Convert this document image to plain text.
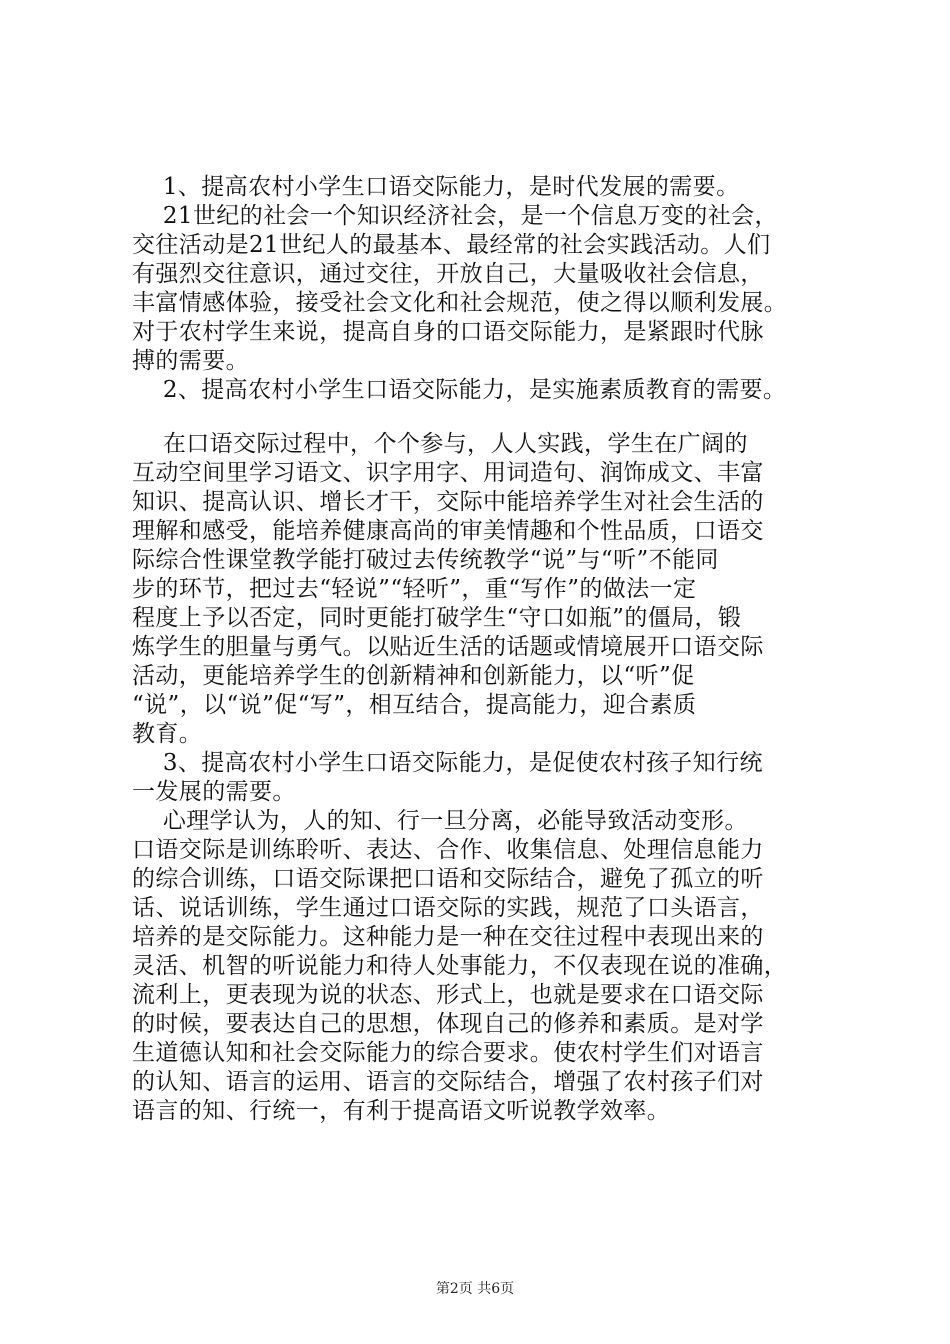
1、提高农村小学生口语交际能力，是时代发展的需要。
21世纪的社会一个知识经济社会，是一个信息万变的社会，
交往活动是21世纪人的最基本、最经常的社会实践活动。人们
有强烈交往意识，通过交往，开放自己，大量吸收社会信息，
丰富情感体验，接受社会文化和社会规范，使之得以顺利发展。
对于农村学生来说，提高自身的口语交际能力，是紧跟时代脉
搏的需要。
2、提高农村小学生口语交际能力，是实施素质教育的需要。
在口语交际过程中，个个参与，人人实践，学生在广阔的
互动空间里学习语文、识字用字、用词造句、润饰成文、丰富
知识、提高认识、增长才干，交际中能培养学生对社会生活的
理解和感受，能培养健康高尚的审美情趣和个性品质，口语交
际综合性课堂教学能打破过去传统教学“说”与“听”不能同
步的环节，把过去“轻说”“轻听”，重“写作”的做法一定
程度上予以否定，同时更能打破学生“守口如瓶”的僵局，锻
炼学生的胆量与勇气。以贴近生活的话题或情境展开口语交际
活动，更能培养学生的创新精神和创新能力，以“听”促
“说”，以“说”促“写”，相互结合，提高能力，迎合素质
教育。
3、提高农村小学生口语交际能力，是促使农村孩子知行统
一发展的需要。
心理学认为，人的知、行一旦分离，必能导致活动变形。
口语交际是训练聆听、表达、合作、收集信息、处理信息能力
的综合训练，口语交际课把口语和交际结合，避免了孤立的听
话、说话训练，学生通过口语交际的实践，规范了口头语言，
培养的是交际能力。这种能力是一种在交往过程中表现出来的
灵活、机智的听说能力和待人处事能力，不仅表现在说的准确，
流利上，更表现为说的状态、形式上，也就是要求在口语交际
的时候，要表达自己的思想，体现自己的修养和素质。是对学
生道德认知和社会交际能力的综合要求。使农村学生们对语言
的认知、语言的运用、语言的交际结合，增强了农村孩子们对
语言的知、行统一，有利于提高语文听说教学效率。
第2页 共6页
